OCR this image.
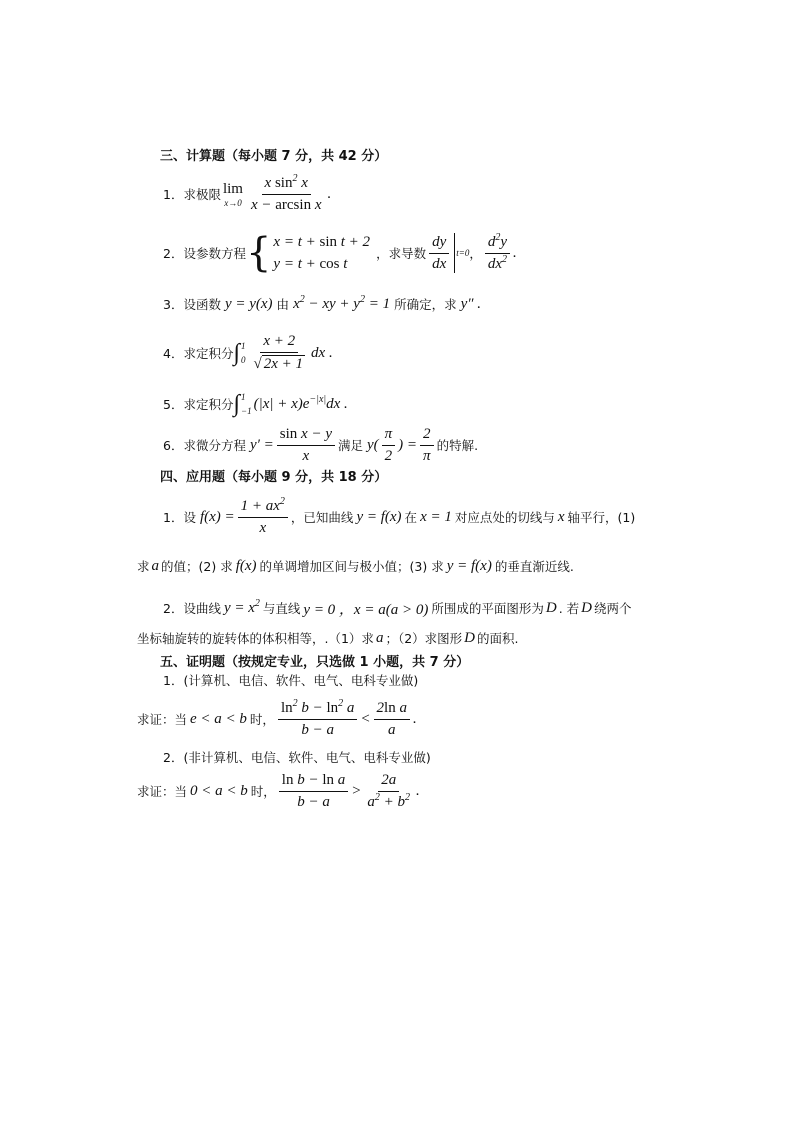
三、计算题（每小题 7 分，共 42 分）
1．求极限 lim
$x\to 0 \frac{x \sin^2 x}{\text{x − arcsin x}}$ .
2．设参数方程 { x = t + sin t + 2
y = t + cos t
，求导数 $\frac{dy}{dx} t=0$ ， $\frac{d^2y}{dx^2}$ .
3．设函数 y = y(x) 由 $x^2$ − xy + $y^2 = 1$ 所确定，求 y″ .
4．求定积分 ∫ 1
$0 \frac{x + 2}{√ 2x + 1}$ dx .
5．求定积分 ∫ 1
−1 $(|x| + x)e^{-|x|}dx$ .
6．求微分方程 $y' = \frac{\text{sin x − y}}{x}$ 满足 $y( \frac{\pi}{2}$ ) = $\frac{2}{\pi}$ 的特解.
四、应用题（每小题 9 分，共 18 分）
1．设 $f(x) = \frac{1 + ax^2}{x}$ ，已知曲线 y = f(x) 在 x = 1 对应点处的切线与 x 轴平行，(1)
求 a 的值；(2) 求 f(x) 的单调增加区间与极小值；(3) 求 y = f(x) 的垂直渐近线.
2．设曲线 $y = x^2$ 与直线 y = 0 ，x = a(a > 0) 所围成的平面图形为 D . 若 D 绕两个
坐标轴旋转的旋转体的体积相等，.（1）求 a ；（2）求图形 D 的面积.
五、证明题（按规定专业，只选做 1 小题，共 7 分）
1．(计算机、电信、软件、电气、电科专业做)
求证：当 e < a < b 时， $\frac{\ln^2 b - \ln^2 a}{b - a} < \frac{\text{2ln a}}{a}$ .
2．(非计算机、电信、软件、电气、电科专业做)
求证：当 0 < a < b 时， $\frac{\text{ln b − ln a}}{b - a} > \frac{2a}{a^2 + b^2}$ .
